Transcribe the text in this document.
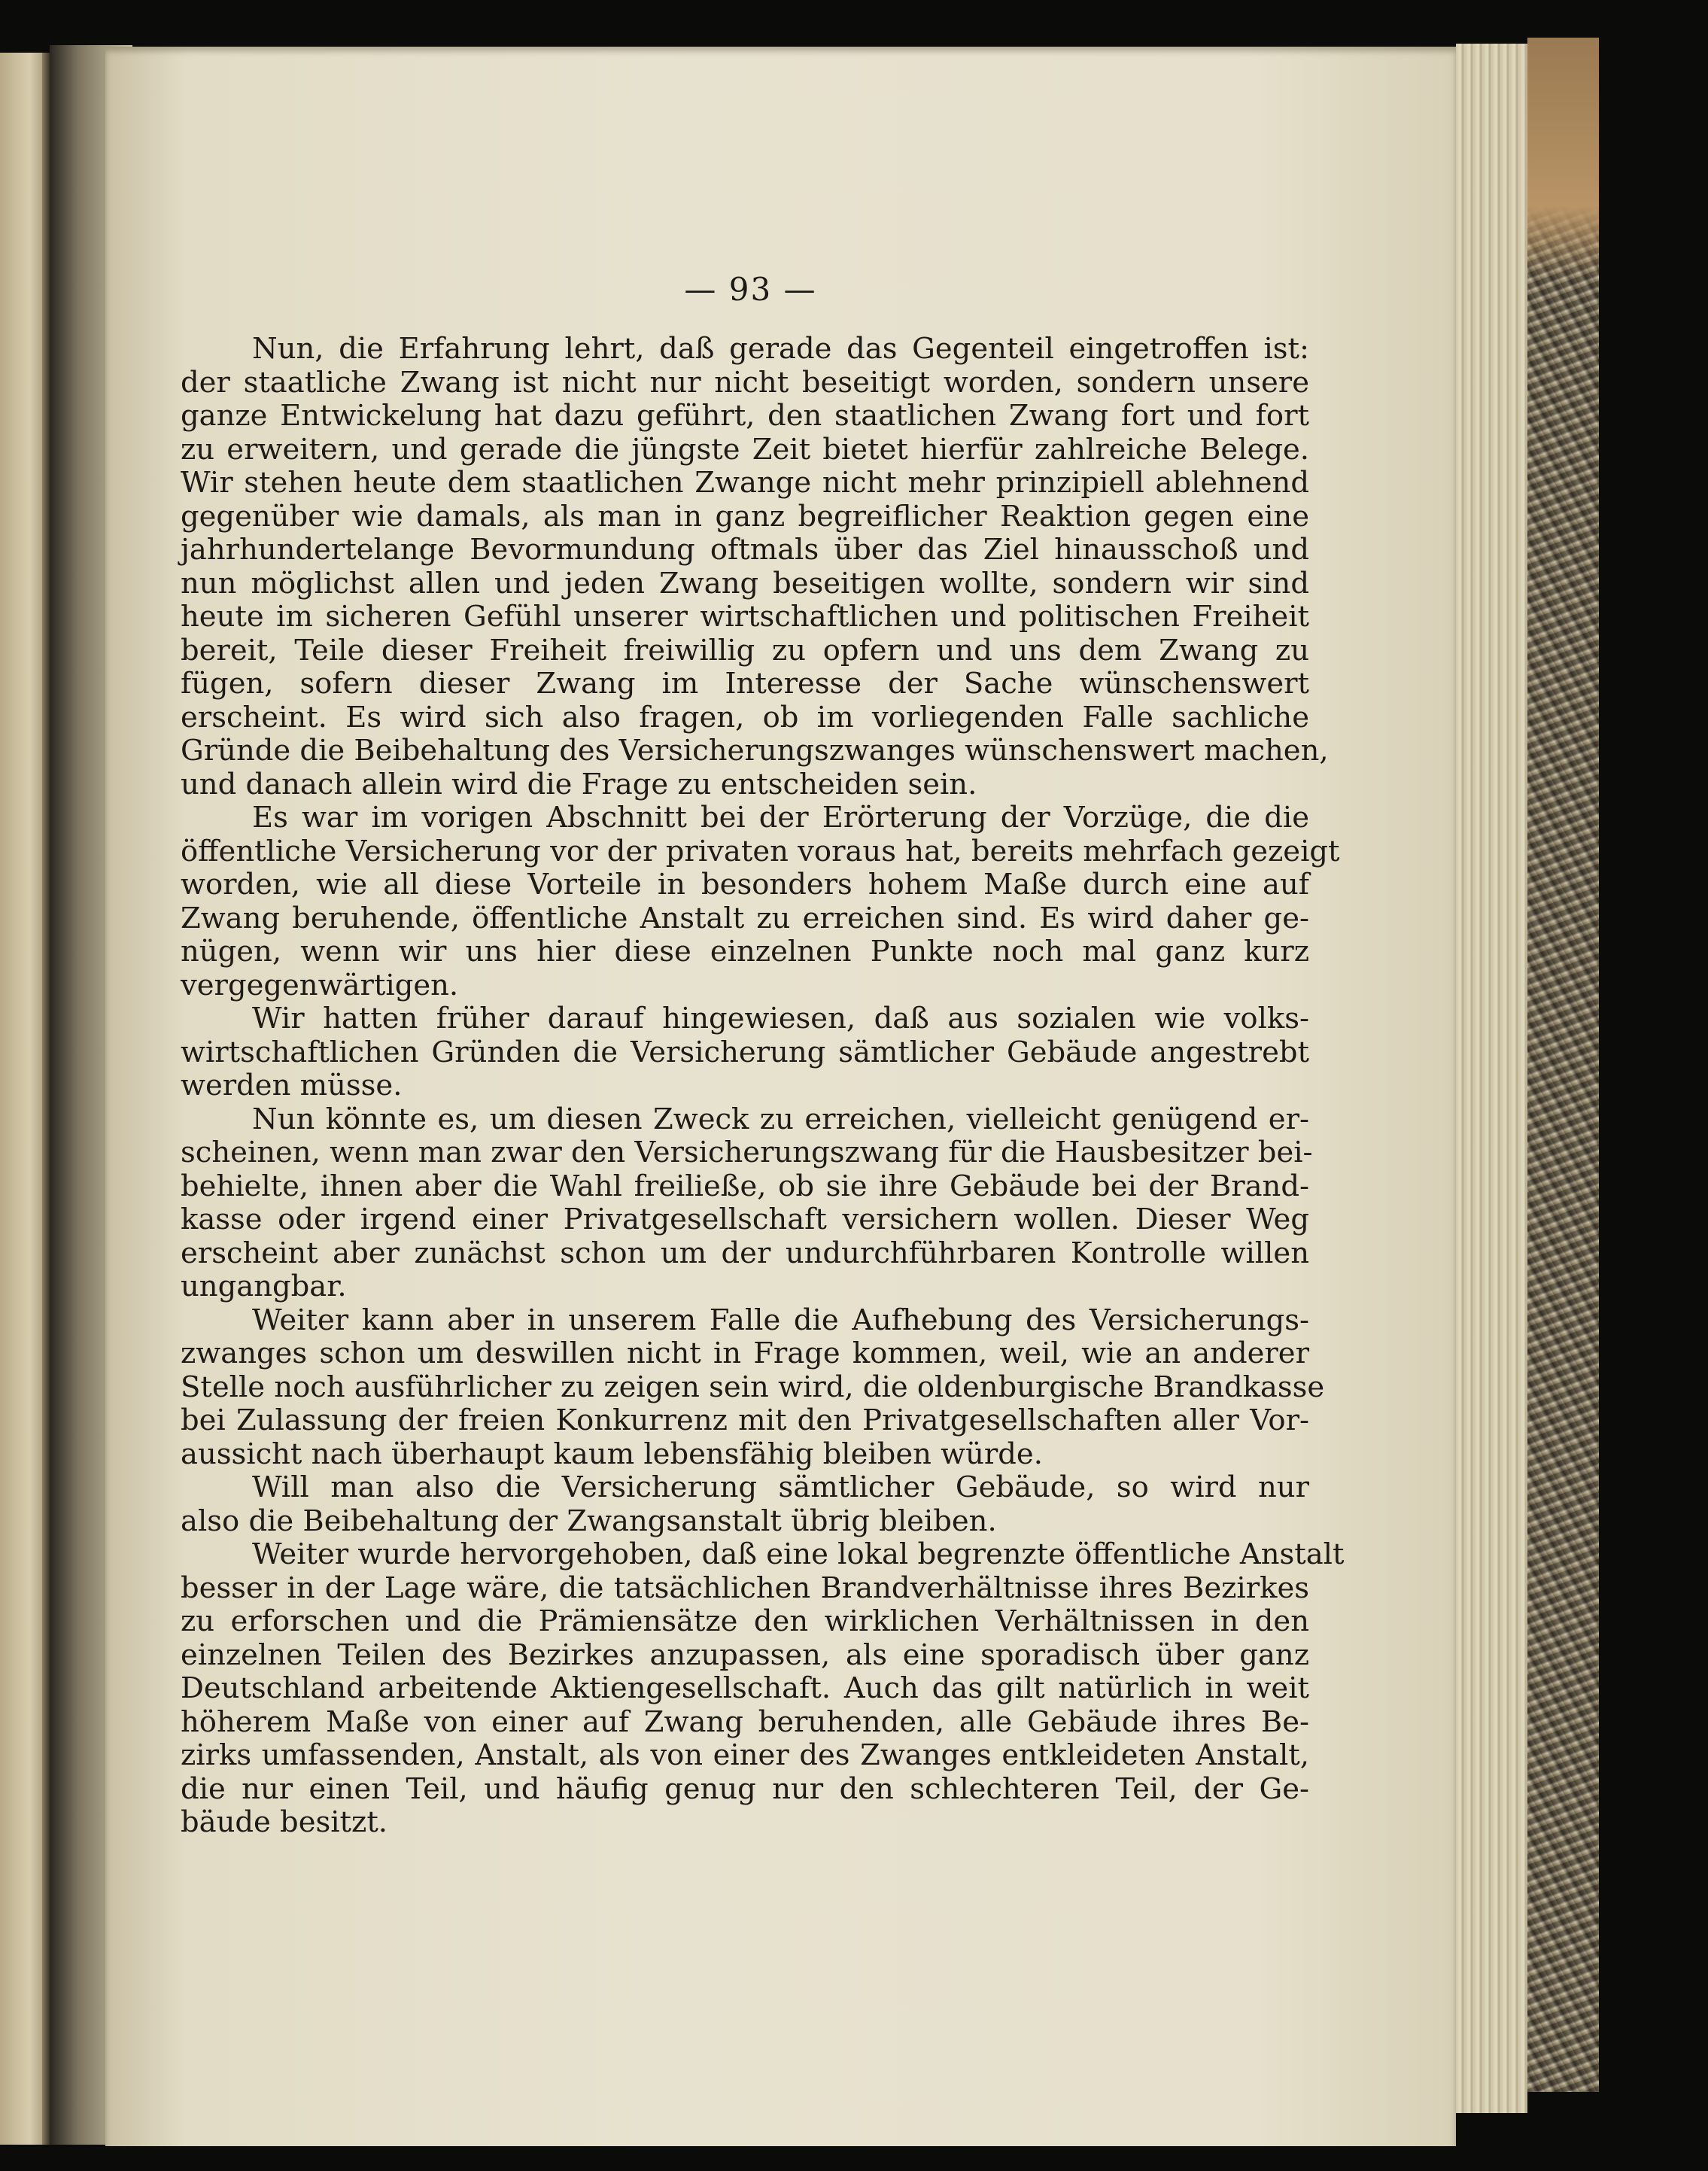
— 93 —
Nun, die Erfahrung lehrt, daß gerade das Gegenteil eingetroffen ist:
der staatliche Zwang ist nicht nur nicht beseitigt worden, sondern unsere
ganze Entwickelung hat dazu geführt, den staatlichen Zwang fort und fort
zu erweitern, und gerade die jüngste Zeit bietet hierfür zahlreiche Belege.
Wir stehen heute dem staatlichen Zwange nicht mehr prinzipiell ablehnend
gegenüber wie damals, als man in ganz begreiflicher Reaktion gegen eine
jahrhundertelange Bevormundung oftmals über das Ziel hinausschoß und
nun möglichst allen und jeden Zwang beseitigen wollte, sondern wir sind
heute im sicheren Gefühl unserer wirtschaftlichen und politischen Freiheit
bereit, Teile dieser Freiheit freiwillig zu opfern und uns dem Zwang zu
fügen, sofern dieser Zwang im Interesse der Sache wünschenswert
erscheint. Es wird sich also fragen, ob im vorliegenden Falle sachliche
Gründe die Beibehaltung des Versicherungszwanges wünschenswert machen,
und danach allein wird die Frage zu entscheiden sein.
Es war im vorigen Abschnitt bei der Erörterung der Vorzüge, die die
öffentliche Versicherung vor der privaten voraus hat, bereits mehrfach gezeigt
worden, wie all diese Vorteile in besonders hohem Maße durch eine auf
Zwang beruhende, öffentliche Anstalt zu erreichen sind. Es wird daher ge-
nügen, wenn wir uns hier diese einzelnen Punkte noch mal ganz kurz
vergegenwärtigen.
Wir hatten früher darauf hingewiesen, daß aus sozialen wie volks-
wirtschaftlichen Gründen die Versicherung sämtlicher Gebäude angestrebt
werden müsse.
Nun könnte es, um diesen Zweck zu erreichen, vielleicht genügend er-
scheinen, wenn man zwar den Versicherungszwang für die Hausbesitzer bei-
behielte, ihnen aber die Wahl freiließe, ob sie ihre Gebäude bei der Brand-
kasse oder irgend einer Privatgesellschaft versichern wollen. Dieser Weg
erscheint aber zunächst schon um der undurchführbaren Kontrolle willen
ungangbar.
Weiter kann aber in unserem Falle die Aufhebung des Versicherungs-
zwanges schon um deswillen nicht in Frage kommen, weil, wie an anderer
Stelle noch ausführlicher zu zeigen sein wird, die oldenburgische Brandkasse
bei Zulassung der freien Konkurrenz mit den Privatgesellschaften aller Vor-
aussicht nach überhaupt kaum lebensfähig bleiben würde.
Will man also die Versicherung sämtlicher Gebäude, so wird nur
also die Beibehaltung der Zwangsanstalt übrig bleiben.
Weiter wurde hervorgehoben, daß eine lokal begrenzte öffentliche Anstalt
besser in der Lage wäre, die tatsächlichen Brandverhältnisse ihres Bezirkes
zu erforschen und die Prämiensätze den wirklichen Verhältnissen in den
einzelnen Teilen des Bezirkes anzupassen, als eine sporadisch über ganz
Deutschland arbeitende Aktiengesellschaft. Auch das gilt natürlich in weit
höherem Maße von einer auf Zwang beruhenden, alle Gebäude ihres Be-
zirks umfassenden, Anstalt, als von einer des Zwanges entkleideten Anstalt,
die nur einen Teil, und häufig genug nur den schlechteren Teil, der Ge-
bäude besitzt.
